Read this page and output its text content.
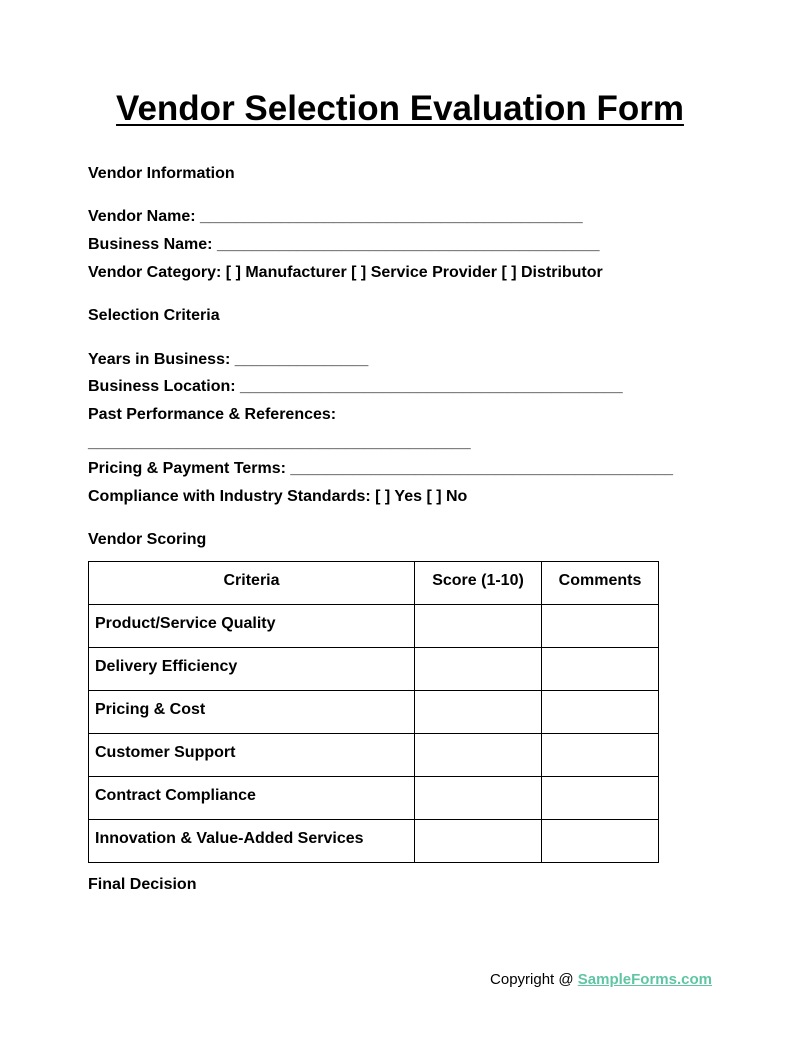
Vendor Selection Evaluation Form
Vendor Information
Vendor Name: ___________________________________________
Business Name: ___________________________________________
Vendor Category: [ ] Manufacturer [ ] Service Provider [ ] Distributor
Selection Criteria
Years in Business: _______________
Business Location: ___________________________________________
Past Performance & References:
___________________________________________
Pricing & Payment Terms: ___________________________________________
Compliance with Industry Standards: [ ] Yes [ ] No
Vendor Scoring
Criteria	Score (1-10)	Comments
Product/Service Quality		
Delivery Efficiency		
Pricing & Cost		
Customer Support		
Contract Compliance		
Innovation & Value-Added Services		
Final Decision
Copyright @ SampleForms.com
